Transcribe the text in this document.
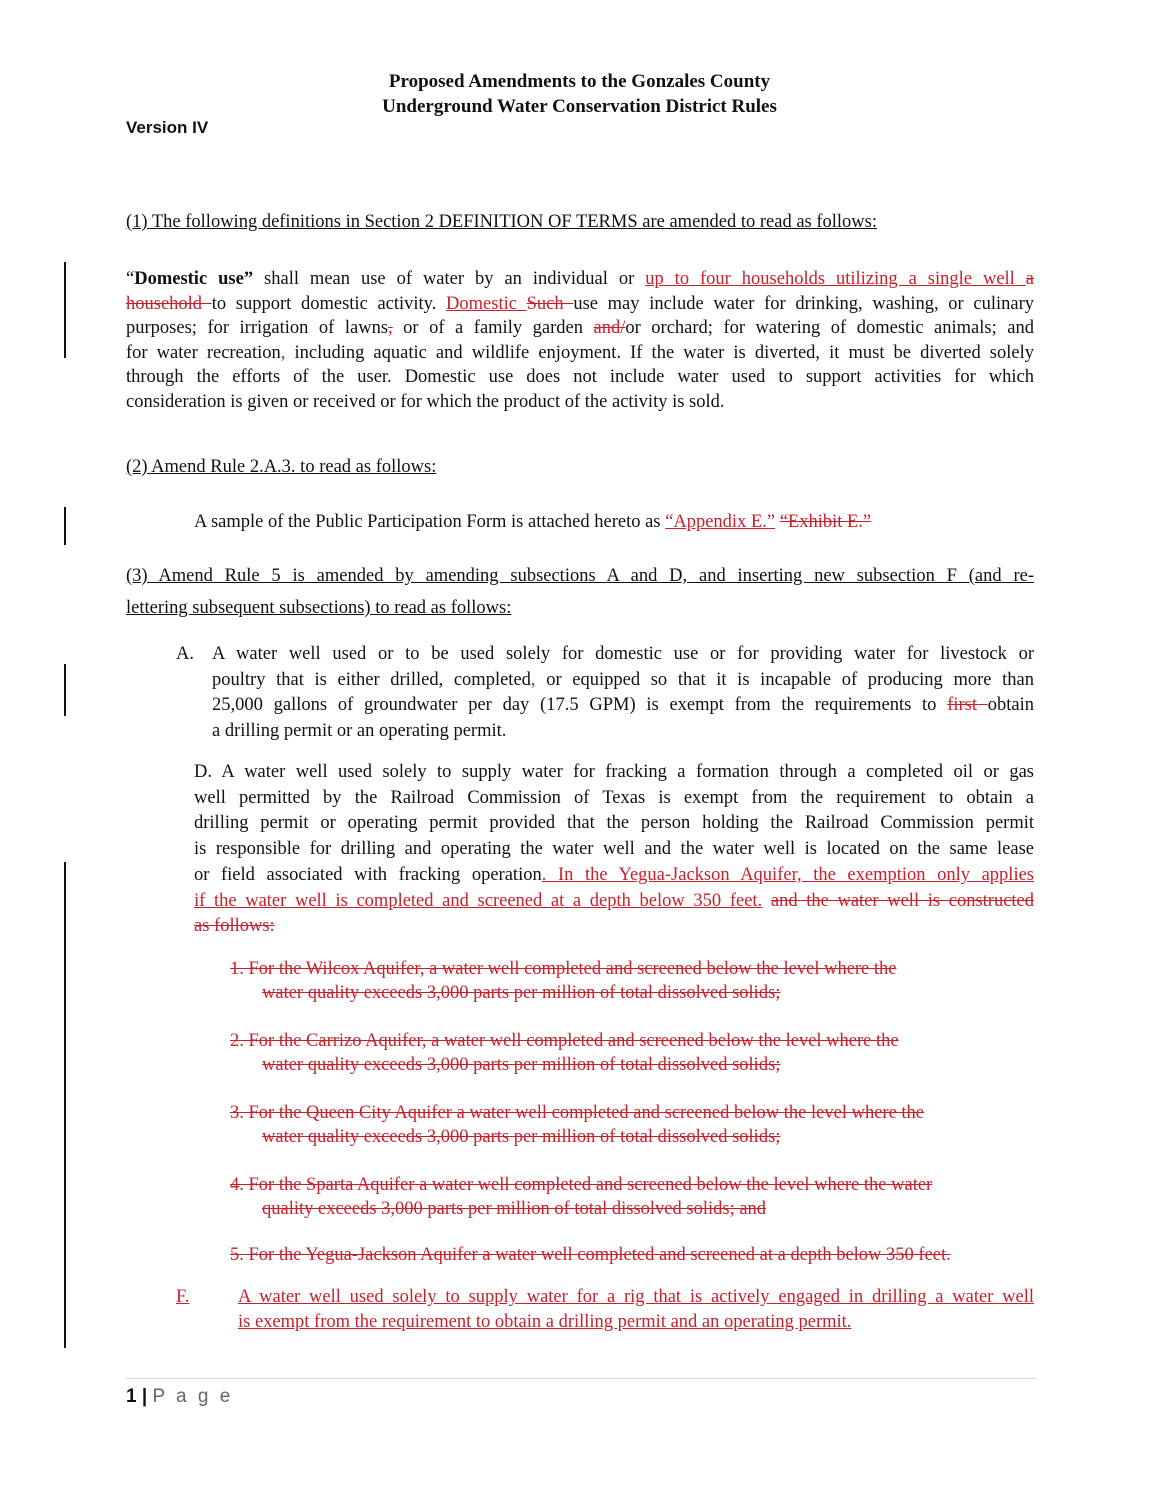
Proposed Amendments to the Gonzales County
Underground Water Conservation District Rules
Version IV
(1) The following definitions in Section 2 DEFINITION OF TERMS are amended to read as follows:
“Domestic use” shall mean use of water by an individual or up to four households utilizing a single well a
household to support domestic activity. Domestic Such use may include water for drinking, washing, or culinary
purposes; for irrigation of lawns, or of a family garden and/or orchard; for watering of domestic animals; and
for water recreation, including aquatic and wildlife enjoyment. If the water is diverted, it must be diverted solely
through the efforts of the user. Domestic use does not include water used to support activities for which
consideration is given or received or for which the product of the activity is sold.
(2) Amend Rule 2.A.3. to read as follows:
A sample of the Public Participation Form is attached hereto as “Appendix E.” “Exhibit E.”
(3) Amend Rule 5 is amended by amending subsections A and D, and inserting new subsection F (and re-
lettering subsequent subsections) to read as follows:
A. A water well used or to be used solely for domestic use or for providing water for livestock or
poultry that is either drilled, completed, or equipped so that it is incapable of producing more than
25,000 gallons of groundwater per day (17.5 GPM) is exempt from the requirements to first obtain
a drilling permit or an operating permit.
D. A water well used solely to supply water for fracking a formation through a completed oil or gas
well permitted by the Railroad Commission of Texas is exempt from the requirement to obtain a
drilling permit or operating permit provided that the person holding the Railroad Commission permit
is responsible for drilling and operating the water well and the water well is located on the same lease
or field associated with fracking operation. In the Yegua-Jackson Aquifer, the exemption only applies
if the water well is completed and screened at a depth below 350 feet. and the water well is constructed
as follows:
1. For the Wilcox Aquifer, a water well completed and screened below the level where the
water quality exceeds 3,000 parts per million of total dissolved solids;
2. For the Carrizo Aquifer, a water well completed and screened below the level where the
water quality exceeds 3,000 parts per million of total dissolved solids;
3. For the Queen City Aquifer a water well completed and screened below the level where the
water quality exceeds 3,000 parts per million of total dissolved solids;
4. For the Sparta Aquifer a water well completed and screened below the level where the water
quality exceeds 3,000 parts per million of total dissolved solids; and
5. For the Yegua-Jackson Aquifer a water well completed and screened at a depth below 350 feet.
F.	A water well used solely to supply water for a rig that is actively engaged in drilling a water well
is exempt from the requirement to obtain a drilling permit and an operating permit.
1 | P a g e
